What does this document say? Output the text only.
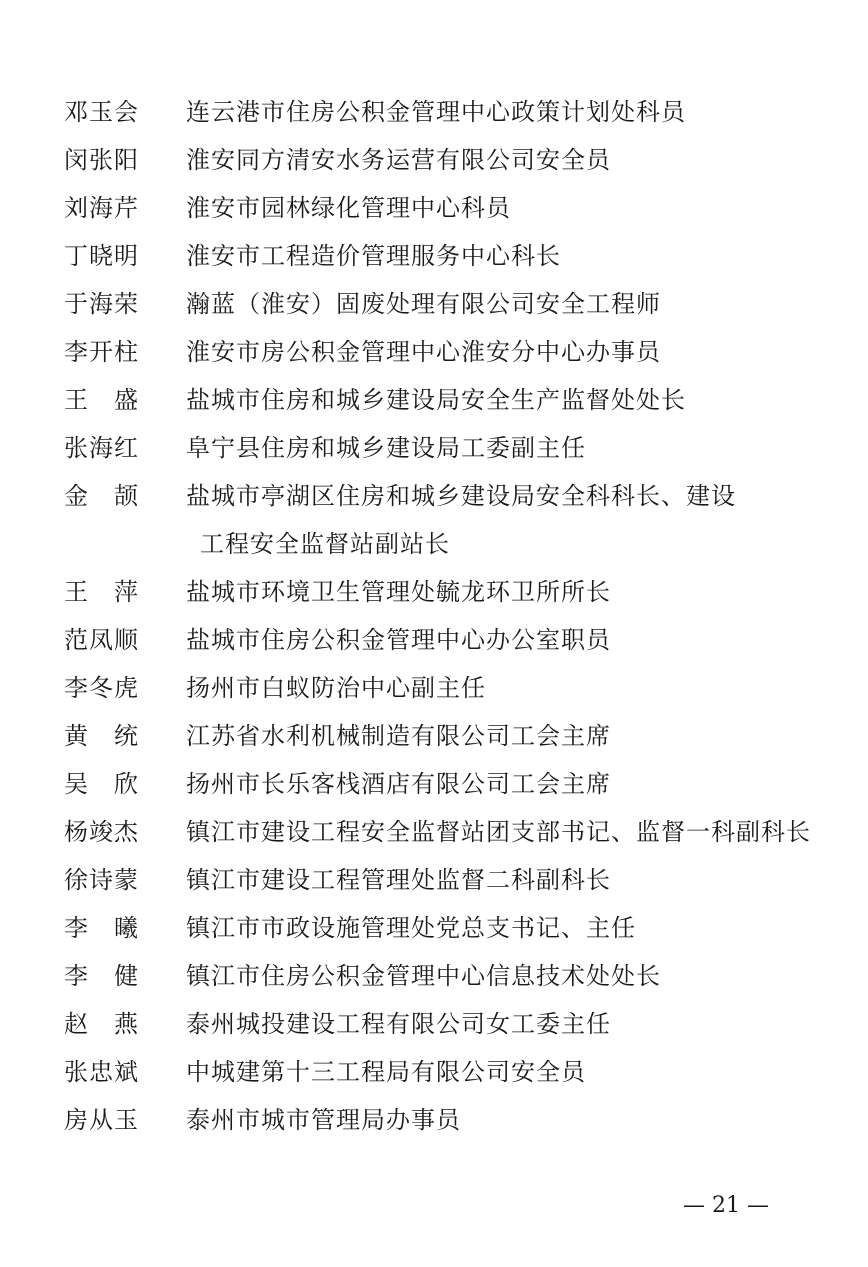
邓玉会	连云港市住房公积金管理中心政策计划处科员
闵张阳	淮安同方清安水务运营有限公司安全员
刘海芹	淮安市园林绿化管理中心科员
丁晓明	淮安市工程造价管理服务中心科长
于海荣	瀚蓝（淮安）固废处理有限公司安全工程师
李开柱	淮安市房公积金管理中心淮安分中心办事员
王　盛	盐城市住房和城乡建设局安全生产监督处处长
张海红	阜宁县住房和城乡建设局工委副主任
金　颉	盐城市亭湖区住房和城乡建设局安全科科长、建设
工程安全监督站副站长
王　萍	盐城市环境卫生管理处毓龙环卫所所长
范凤顺	盐城市住房公积金管理中心办公室职员
李冬虎	扬州市白蚁防治中心副主任
黄　统	江苏省水利机械制造有限公司工会主席
吴　欣	扬州市长乐客栈酒店有限公司工会主席
杨竣杰	镇江市建设工程安全监督站团支部书记、监督一科副科长
徐诗蒙	镇江市建设工程管理处监督二科副科长
李　曦	镇江市市政设施管理处党总支书记、主任
李　健	镇江市住房公积金管理中心信息技术处处长
赵　燕	泰州城投建设工程有限公司女工委主任
张忠斌	中城建第十三工程局有限公司安全员
房从玉	泰州市城市管理局办事员
— 21 —
